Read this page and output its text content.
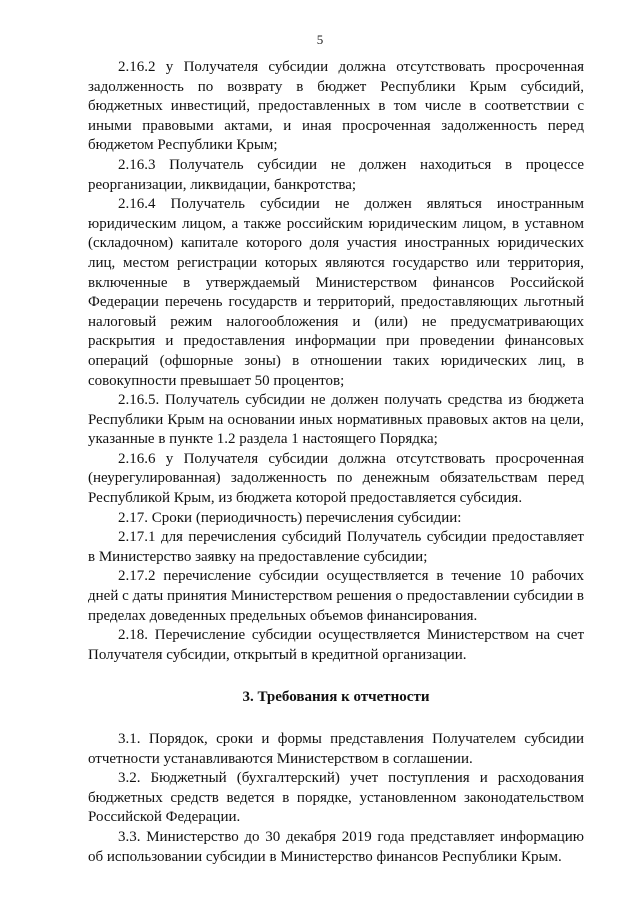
5

2.16.2 у Получателя субсидии должна отсутствовать просроченная задолженность по возврату в бюджет Республики Крым субсидий, бюджетных инвестиций, предоставленных в том числе в соответствии с иными правовыми актами, и иная просроченная задолженность перед бюджетом Республики Крым;

2.16.3 Получатель субсидии не должен находиться в процессе реорганизации, ликвидации, банкротства;

2.16.4 Получатель субсидии не должен являться иностранным юридическим лицом, а также российским юридическим лицом, в уставном (складочном) капитале которого доля участия иностранных юридических лиц, местом регистрации которых являются государство или территория, включенные в утверждаемый Министерством финансов Российской Федерации перечень государств и территорий, предоставляющих льготный налоговый режим налогообложения и (или) не предусматривающих раскрытия и предоставления информации при проведении финансовых операций (офшорные зоны) в отношении таких юридических лиц, в совокупности превышает 50 процентов;

2.16.5. Получатель субсидии не должен получать средства из бюджета Республики Крым на основании иных нормативных правовых актов на цели, указанные в пункте 1.2 раздела 1 настоящего Порядка;

2.16.6 у Получателя субсидии должна отсутствовать просроченная (неурегулированная) задолженность по денежным обязательствам перед Республикой Крым, из бюджета которой предоставляется субсидия.

2.17. Сроки (периодичность) перечисления субсидии:

2.17.1 для перечисления субсидий Получатель субсидии предоставляет в Министерство заявку на предоставление субсидии;

2.17.2 перечисление субсидии осуществляется в течение 10 рабочих дней с даты принятия Министерством решения о предоставлении субсидии в пределах доведенных предельных объемов финансирования.

2.18. Перечисление субсидии осуществляется Министерством на счет Получателя субсидии, открытый в кредитной организации.

3. Требования к отчетности

3.1. Порядок, сроки и формы представления Получателем субсидии отчетности устанавливаются Министерством в соглашении.

3.2. Бюджетный (бухгалтерский) учет поступления и расходования бюджетных средств ведется в порядке, установленном законодательством Российской Федерации.

3.3. Министерство до 30 декабря 2019 года представляет информацию об использовании субсидии в Министерство финансов Республики Крым.
